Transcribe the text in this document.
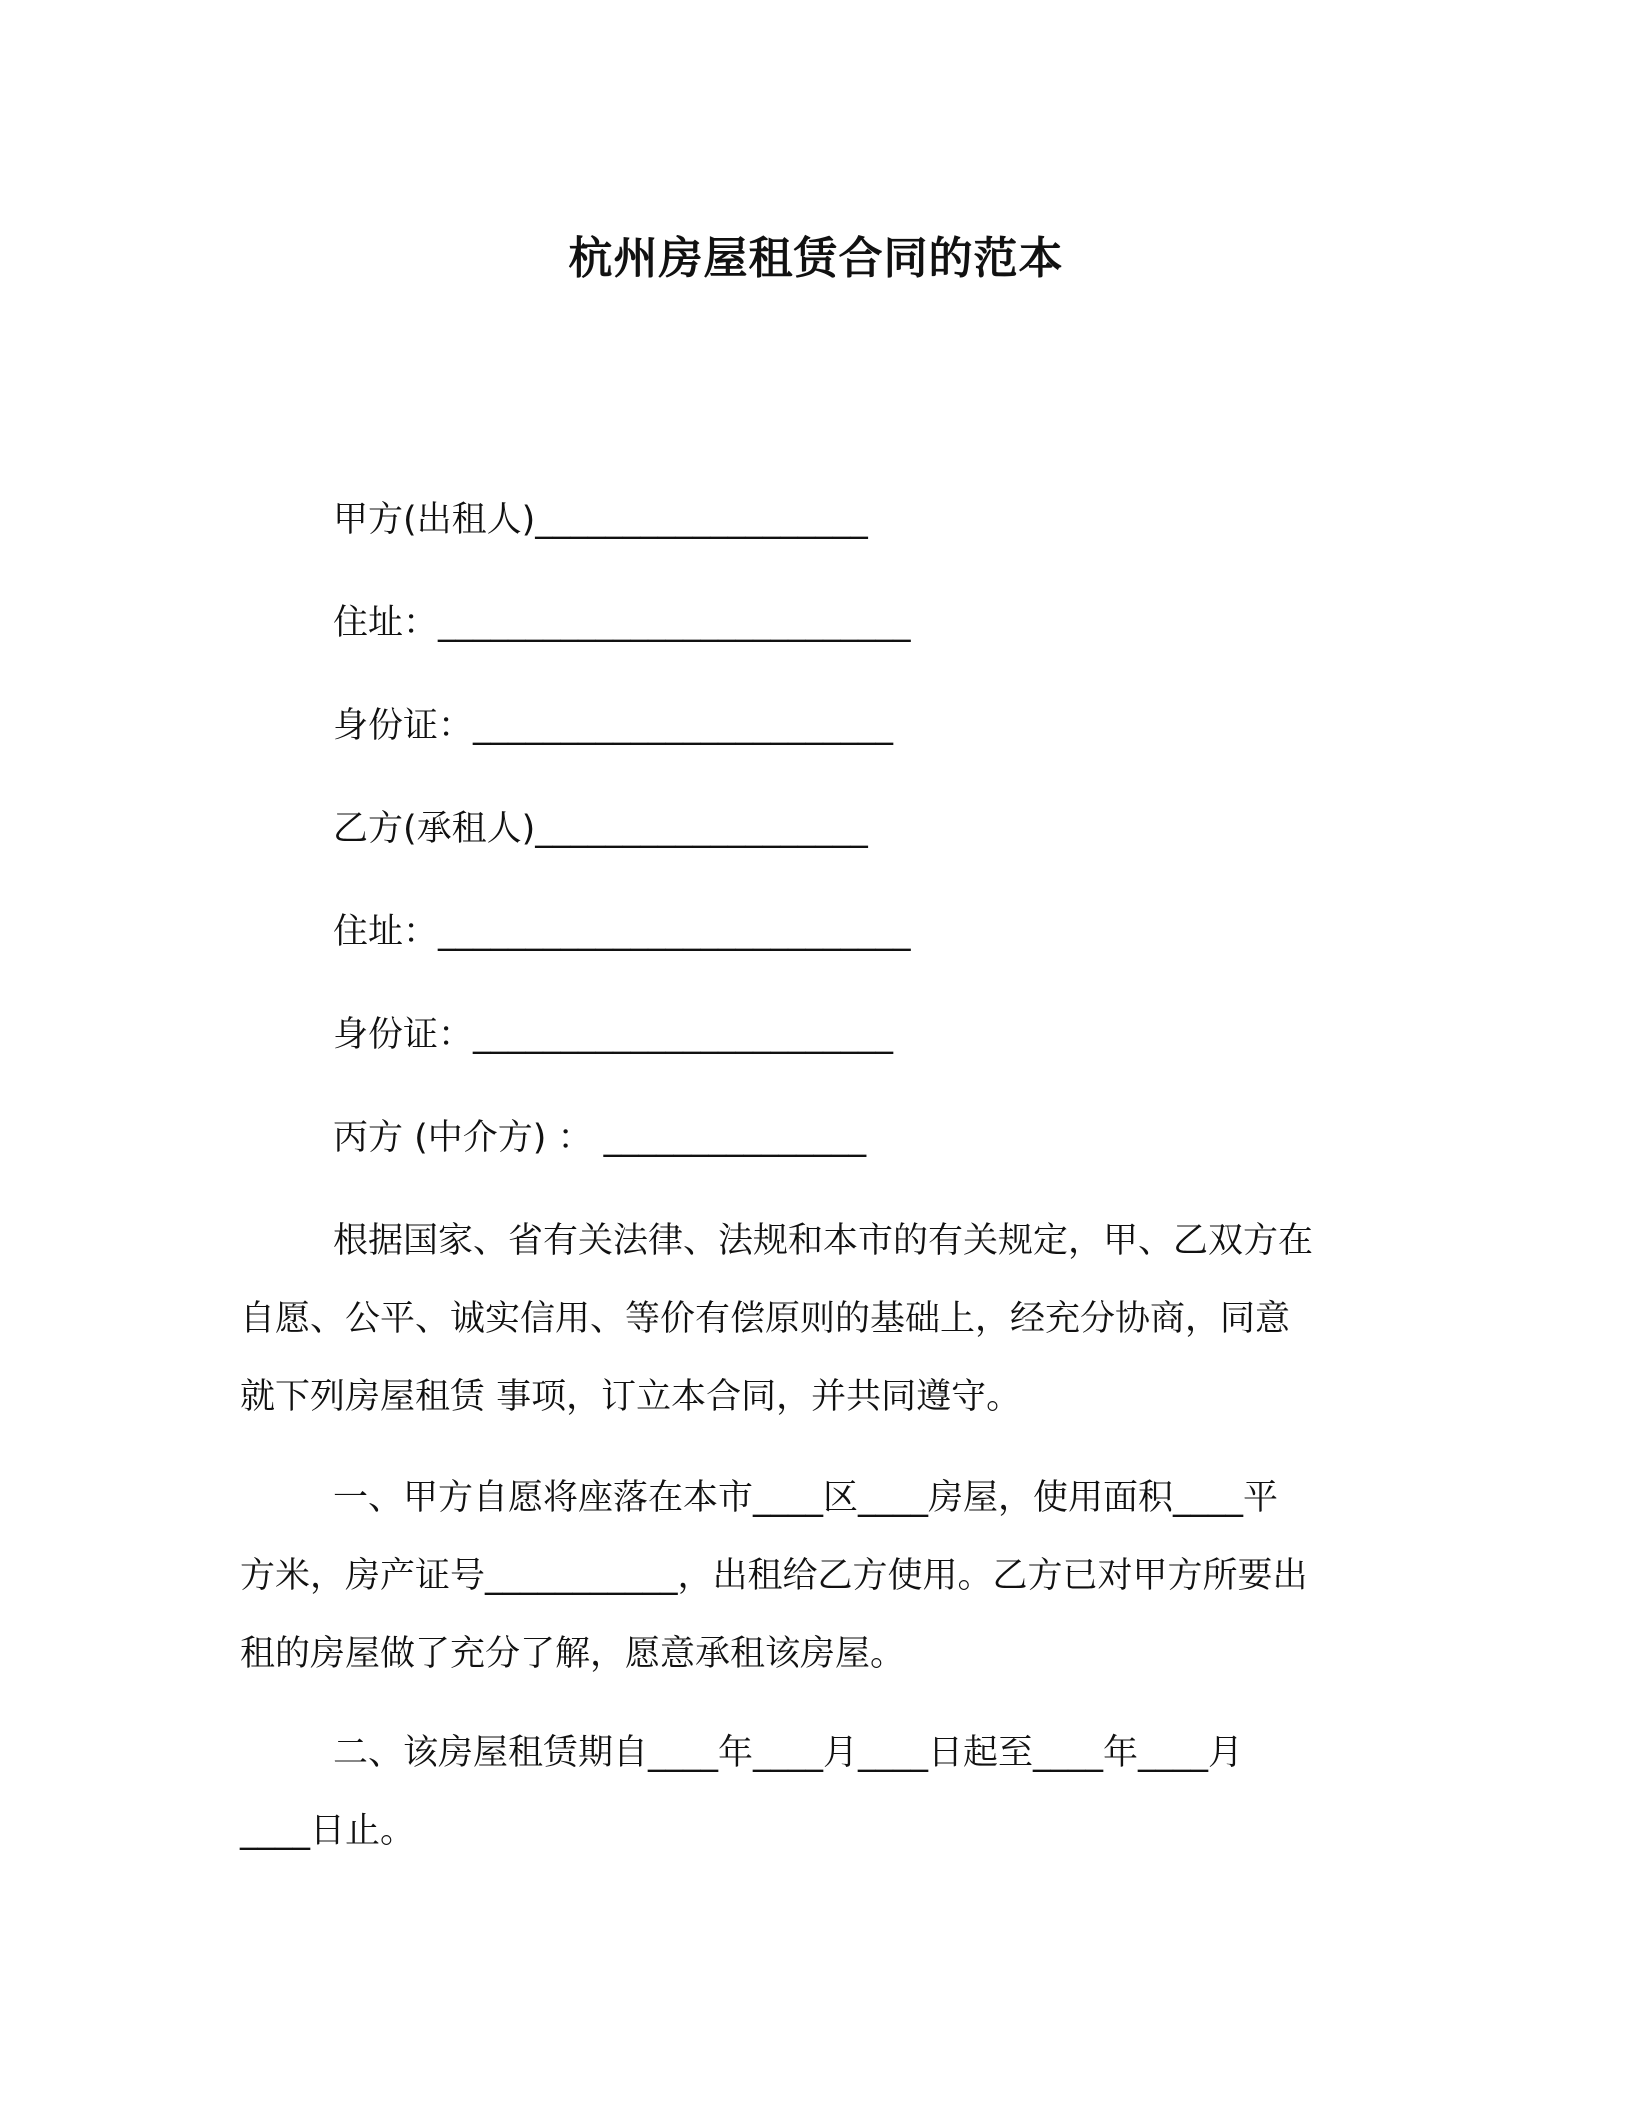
杭州房屋租赁合同的范本
甲方(出租人)___________________
住址：___________________________
身份证：________________________
乙方(承租人)___________________
住址：___________________________
身份证：________________________
丙方 (中介方) ： _______________
根据国家、省有关法律、法规和本市的有关规定，甲、乙双方在
自愿、公平、诚实信用、等价有偿原则的基础上，经充分协商，同意
就下列房屋租赁 事项，订立本合同，并共同遵守。
一、甲方自愿将座落在本市____区____房屋，使用面积____平
方米，房产证号___________，出租给乙方使用。乙方已对甲方所要出
租的房屋做了充分了解，愿意承租该房屋。
二、该房屋租赁期自____年____月____日起至____年____月
____日止。
